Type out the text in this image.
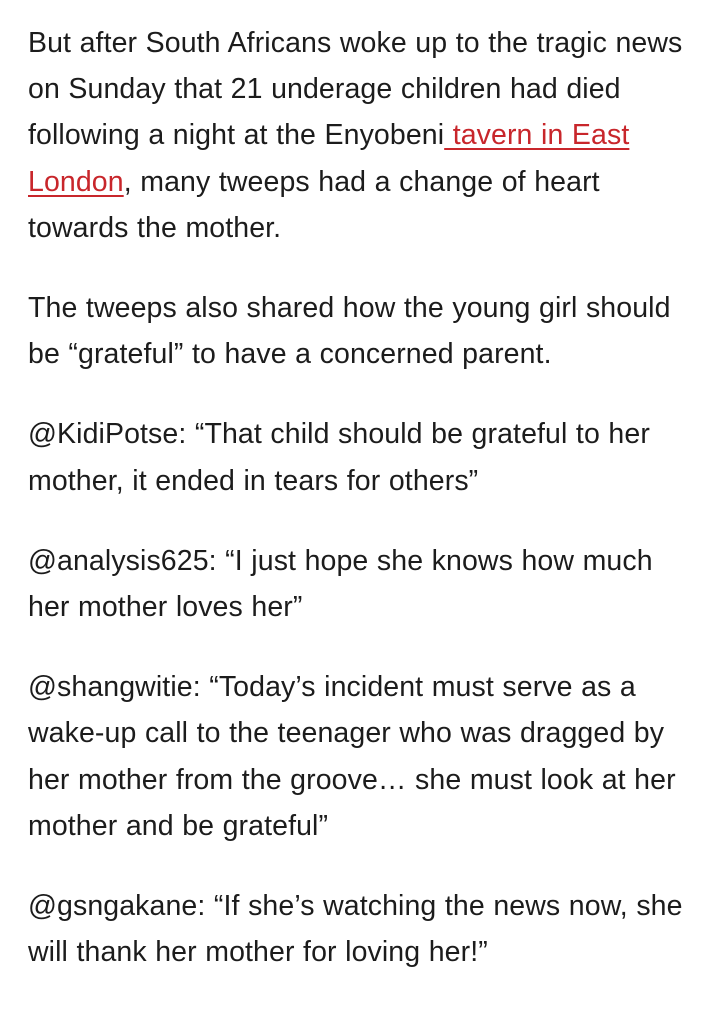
But after South Africans woke up to the tragic news on Sunday that 21 underage children had died following a night at the Enyobeni tavern in East London, many tweeps had a change of heart towards the mother.

The tweeps also shared how the young girl should be “grateful” to have a concerned parent.

@KidiPotse: “That child should be grateful to her mother, it ended in tears for others”

@analysis625: “I just hope she knows how much her mother loves her”

@shangwitie: “Today’s incident must serve as a wake-up call to the teenager who was dragged by her mother from the groove… she must look at her mother and be grateful”

@gsngakane: “If she’s watching the news now, she will thank her mother for loving her!”
